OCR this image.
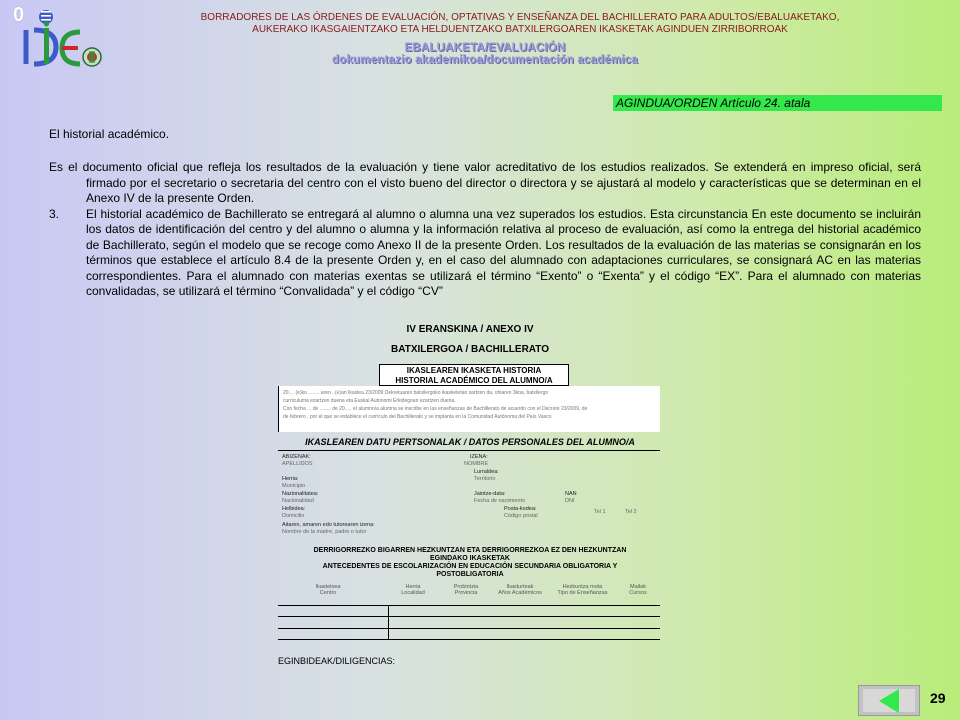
0	BORRADORES DE LAS ÓRDENES DE EVALUACIÓN, OPTATIVAS Y ENSEÑANZA DEL BACHILLERATO PARA ADULTOS/EBALUAKETAKO,
AUKERAKO IKASGAIENTZAKO ETA HELDUENTZAKO BATXILERGOAREN IKASKETAK AGINDUEN ZIRRIBORROAK
EBALUAKETA/EVALUACIÓN
dokumentazio akademikoa/documentación académica
AGINDUA/ORDEN Artículo 24. atala
El historial académico.

Es el documento oficial que refleja los resultados de la evaluación y tiene valor acreditativo de los estudios realizados. Se extenderá en impreso oficial, será firmado por el secretario o secretaria del centro con el visto bueno del director o directora y se ajustará al modelo y características que se determinan en el Anexo IV de la presente Orden.

3. El historial académico de Bachillerato se entregará al alumno o alumna una vez superados los estudios. Esta circunstancia En este documento se incluirán los datos de identificación del centro y del alumno o alumna y la información relativa al proceso de evaluación, así como la entrega del historial académico de Bachillerato, según el modelo que se recoge como Anexo II de la presente Orden. Los resultados de la evaluación de las materias se consignarán en los términos que establece el artículo 8.4 de la presente Orden y, en el caso del alumnado con adaptaciones curriculares, se consignará AC en las materias correspondientes. Para el alumnado con materias exentas se utilizará el término “Exento” o “Exenta” y el código “EX”. Para el alumnado con materias convalidadas, se utilizará el término “Convalidada” y el código “CV”

IV ERANSKINA / ANEXO IV
BATXILERGOA / BACHILLERATO
IKASLEAREN IKASKETA HISTORIA
HISTORIAL ACADÉMICO DEL ALUMNO/A
20.... (e)ko ........ aren ..(e)an Ikaslea 23/2009 Dekretuaren batxilergoko ikasketetan sartzen da, ohiaren 3koa, batxilergo
curriculuma ezartzen duena eta Euskal Autonomi Erkidegoan ezartzen duena.
Con fecha ... de ........ de 20..... el alumno/a alumna se inscribe en las enseñanzas de Bachillerato de acuerdo con el Decreto 23/2009, de
de febrero , por el que se establece el currículo del Bachillerato y se implanta en la Comunidad Autónoma del País Vasco
IKASLEAREN DATU PERTSONALAK / DATOS PERSONALES DEL ALUMNO/A
ABIZENAK:
APELLIDOS
IZENA:
NOMBRE
Herria:
Municipio
Lurraldea:
Territorio
Nazionalitatea:
Nacionalidad
Jaiotze-data:
Fecha de nacimiento
NAN
DNI
Helbidea:
Domicilio
Posta-kodea:
Código postal
Tel 1	Tel 2
Aitaren, amaren edo tutorearen izena:
Nombre de la madre, padre o tutor
DERRIGORREZKO BIGARREN HEZKUNTZAN ETA DERRIGORREZKOA EZ DEN HEZKUNTZAN
EGINDAKO IKASKETAK
ANTECEDENTES DE ESCOLARIZACIÓN EN EDUCACIÓN SECUNDARIA OBLIGATORIA Y
POSTOBLIGATORIA
Ikastetxea
Centro
Herria
Localidad
Probintzia
Provincia
Ikasturteak
Años Académicos
Hezkuntza mota
Tipo de Enseñanzas
Mailak
Cursos
EGINBIDEAK/DILIGENCIAS:
29
